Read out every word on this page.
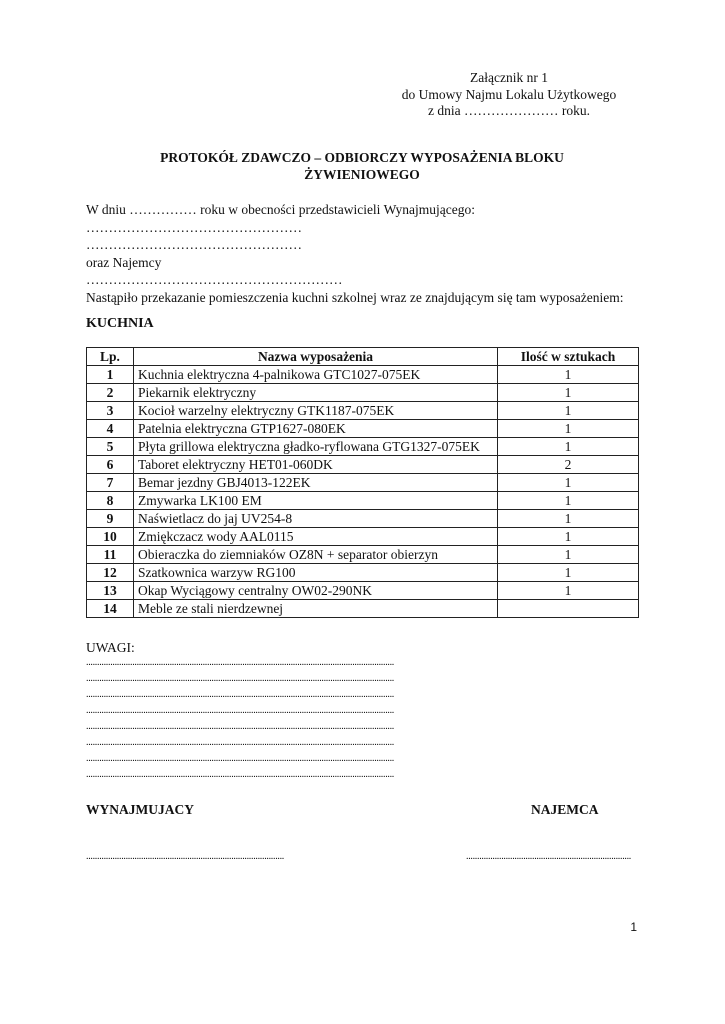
Załącznik nr 1
do Umowy Najmu Lokalu Użytkowego
z dnia ………………… roku.
PROTOKÓŁ ZDAWCZO – ODBIORCZY WYPOSAŻENIA BLOKU
ŻYWIENIOWEGO
W dniu …………… roku w obecności przedstawicieli Wynajmującego:
…………………………………………
…………………………………………
oraz Najemcy
…………………………………………………
Nastąpiło przekazanie pomieszczenia kuchni szkolnej wraz ze znajdującym się tam wyposażeniem:
KUCHNIA
Lp.	Nazwa wyposażenia	Ilość w sztukach
1	Kuchnia elektryczna 4-palnikowa GTC1027-075EK	1
2	Piekarnik elektryczny	1
3	Kocioł warzelny elektryczny GTK1187-075EK	1
4	Patelnia elektryczna GTP1627-080EK	1
5	Płyta grillowa elektryczna gładko-ryflowana GTG1327-075EK	1
6	Taboret elektryczny HET01-060DK	2
7	Bemar jezdny GBJ4013-122EK	1
8	Zmywarka LK100 EM	1
9	Naświetlacz do jaj UV254-8	1
10	Zmiękczacz wody AAL0115	1
11	Obieraczka do ziemniaków OZ8N + separator obierzyn	1
12	Szatkownica warzyw RG100	1
13	Okap Wyciągowy centralny OW02-290NK	1
14	Meble ze stali nierdzewnej	
UWAGI:
............................................................................................................................................
............................................................................................................................................
............................................................................................................................................
............................................................................................................................................
............................................................................................................................................
............................................................................................................................................
............................................................................................................................................
............................................................................................................................................
WYNAJMUJACY	NAJEMCA
..........................................................................................	...........................................................................
1
